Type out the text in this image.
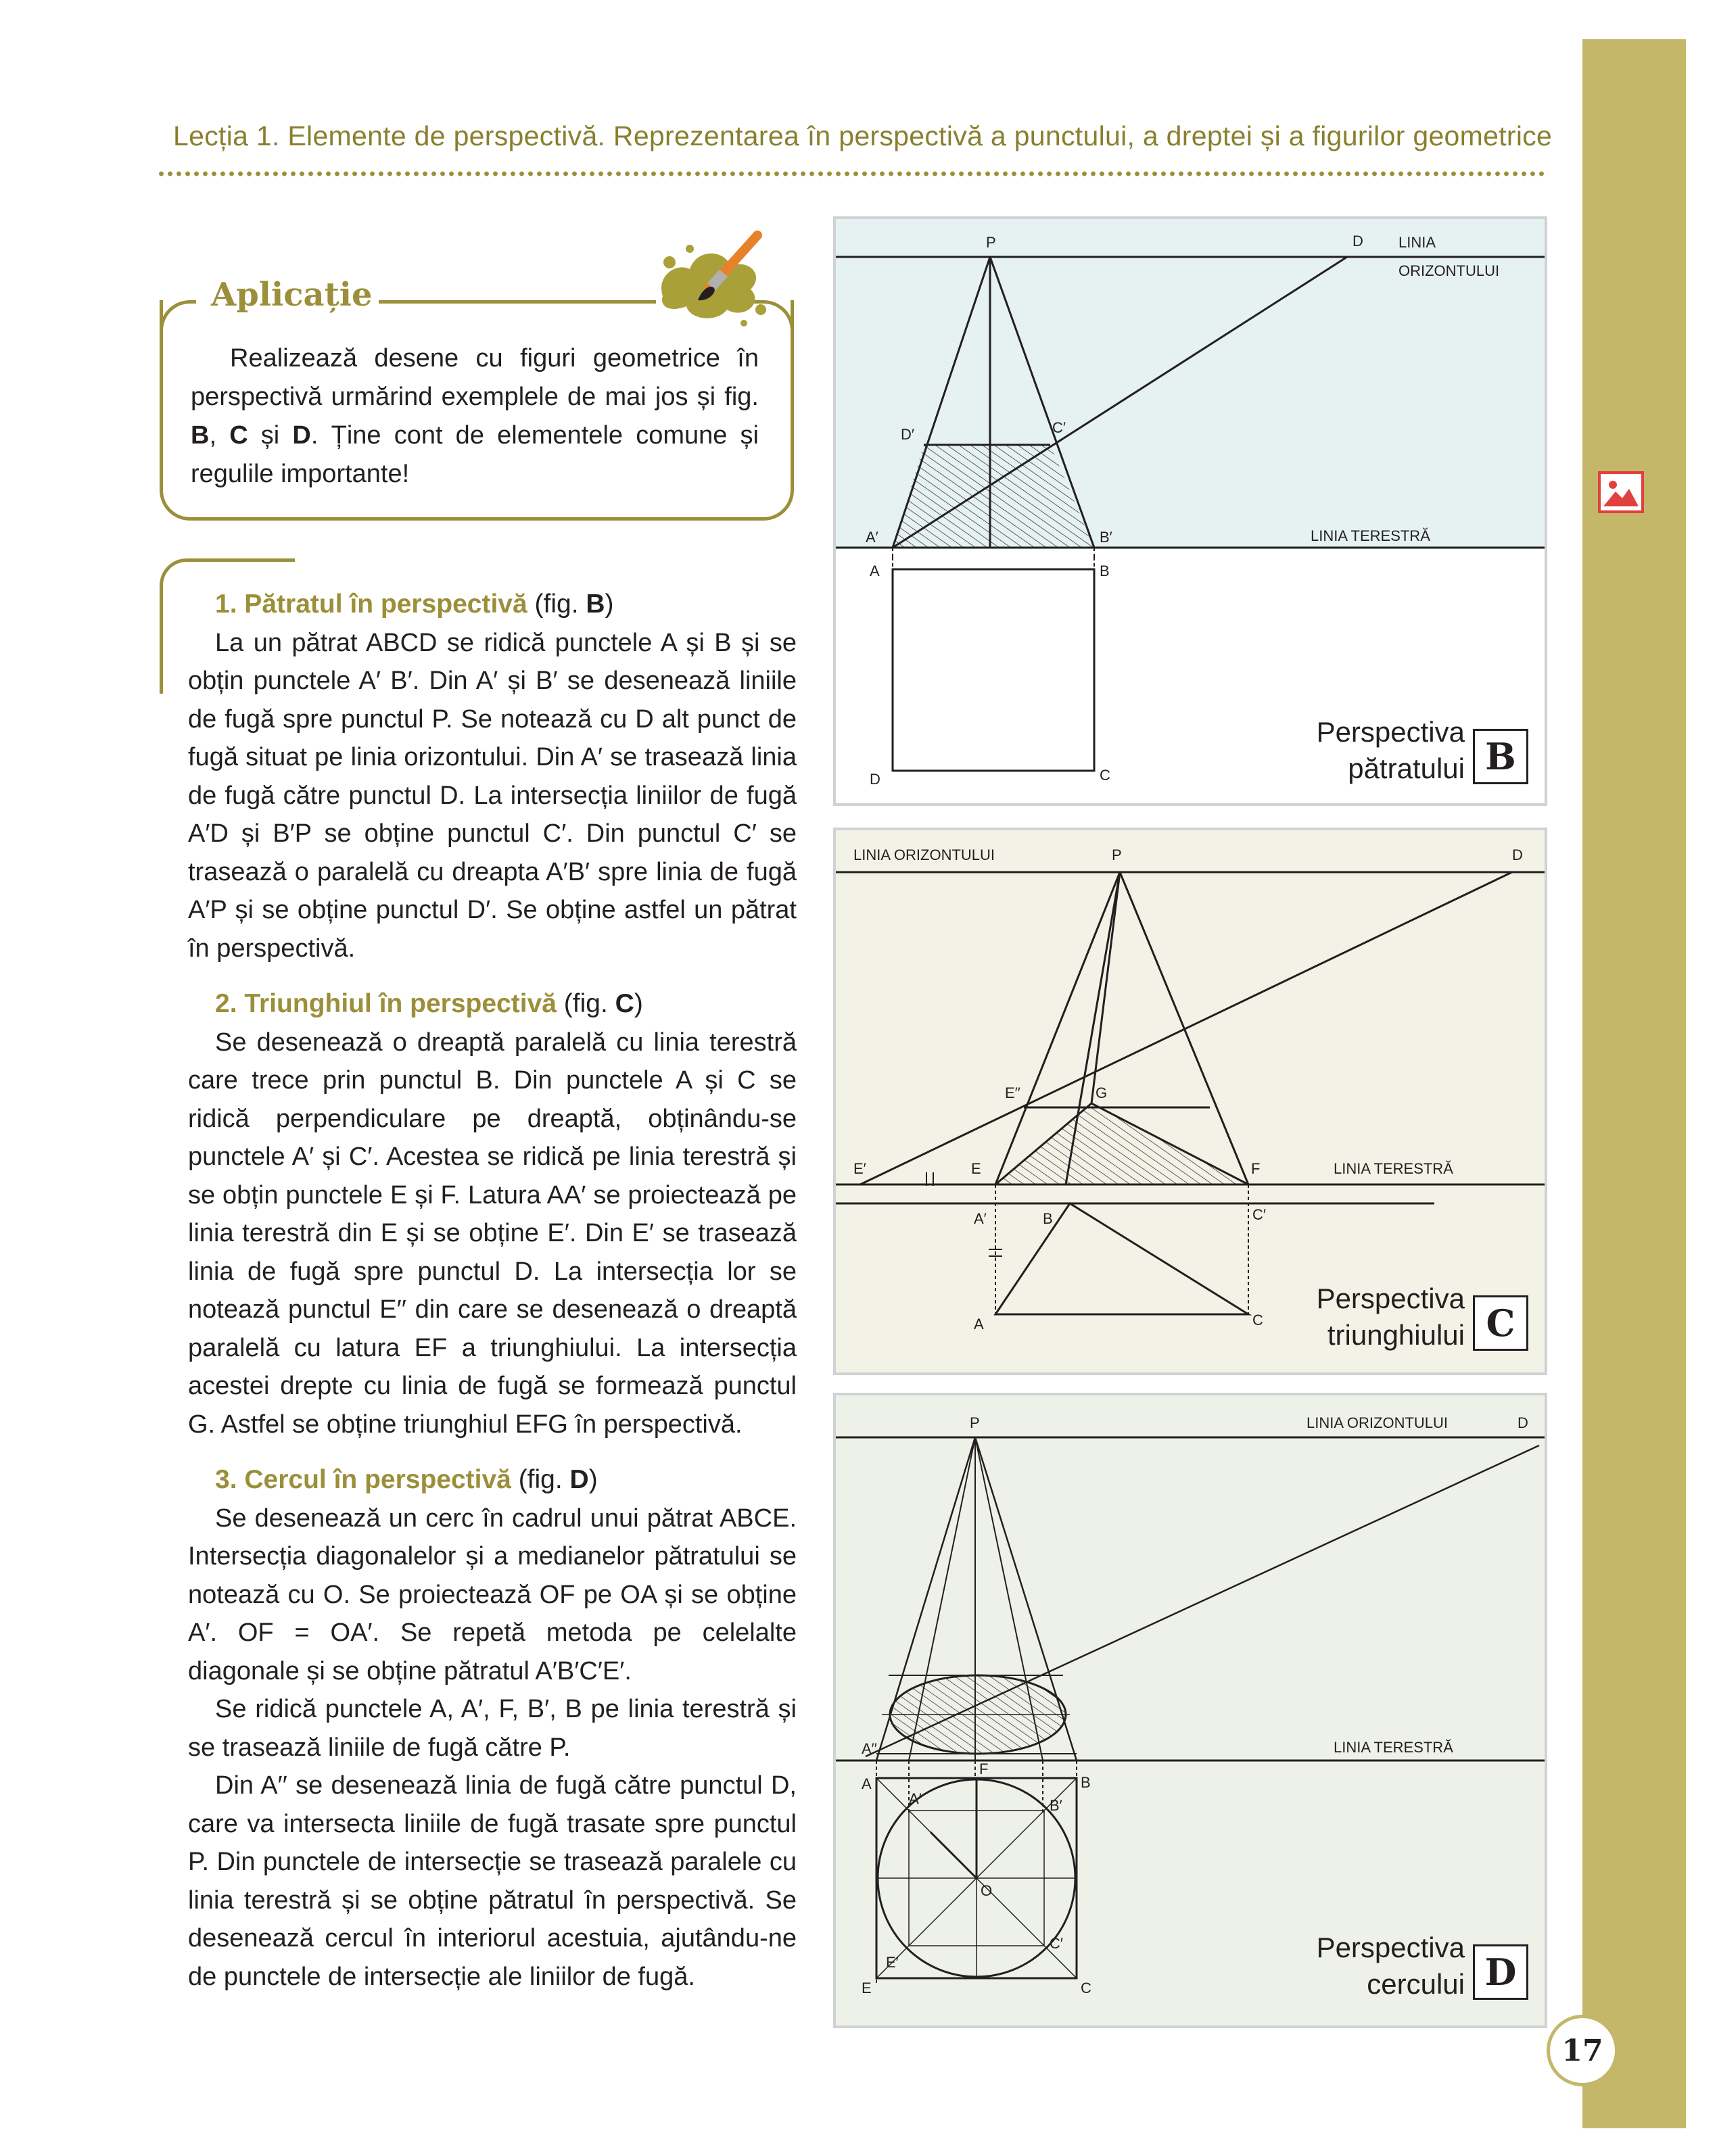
Lecția 1. Elemente de perspectivă. Reprezentarea în perspectivă a punctului, a dreptei și a figurilor geometrice
Aplicație
Realizează desene cu figuri geometrice în perspectivă urmărind exemplele de mai jos și fig. B, C și D. Ține cont de elementele comune și regulile importante!
1. Pătratul în perspectivă (fig. B)

La un pătrat ABCD se ridică punctele A și B și se obțin punctele A′ B′. Din A′ și B′ se desenează liniile de fugă spre punctul P. Se notează cu D alt punct de fugă situat pe linia orizontului. Din A′ se trasează linia de fugă către punctul D. La intersecția liniilor de fugă A′D și B′P se obține punctul C′. Din punctul C′ se trasează o paralelă cu dreapta A′B′ spre linia de fugă A′P și se obține punctul D′. Se obține astfel un pătrat în perspectivă.

2. Triunghiul în perspectivă (fig. C)

Se desenează o dreaptă paralelă cu linia terestră care trece prin punctul B. Din punctele A și C se ridică perpendiculare pe dreaptă, obținându-se punctele A′ și C′. Acestea se ridică pe linia terestră și se obțin punctele E și F. Latura AA′ se proiectează pe linia terestră din E și se obține E′. Din E′ se trasează linia de fugă spre punctul D. La intersecția lor se notează punctul E′′ din care se desenează o dreaptă paralelă cu latura EF a triunghiului. La intersecția acestei drepte cu linia de fugă se formează punctul G. Astfel se obține triunghiul EFG în perspectivă.

3. Cercul în perspectivă (fig. D)

Se desenează un cerc în cadrul unui pătrat ABCE. Intersecția diagonalelor și a medianelor pătratului se notează cu O. Se proiectează OF pe OA și se obține A′. OF = OA′. Se repetă metoda pe celelalte diagonale și se obține pătratul A′B′C′E′.

Se ridică punctele A, A′, F, B′, B pe linia terestră și se trasează liniile de fugă către P.

Din A′′ se desenează linia de fugă către punctul D, care va intersecta liniile de fugă trasate spre punctul P. Din punctele de intersecție se trasează paralele cu linia terestră și se obține pătratul în perspectivă. Se desenează cercul în interiorul acestuia, ajutându-ne de punctele de intersecție ale liniilor de fugă.

P	D LINIA
ORIZONTULUI
LINIA TERESTRĂ
D′	C′
A′	B′
A	B
D	C
Perspectiva
pătratului B
LINIA ORIZONTULUI	P	D
E′′	G
E′	E	F	LINIA TERESTRĂ
A′	B	C′
A	C
Perspectiva
triunghiului C
P	LINIA ORIZONTULUI	D
LINIA TERESTRĂ
A′′
F
A	B
A′	B′
O
C′
E′
E	C
Perspectiva
cercului D
17
